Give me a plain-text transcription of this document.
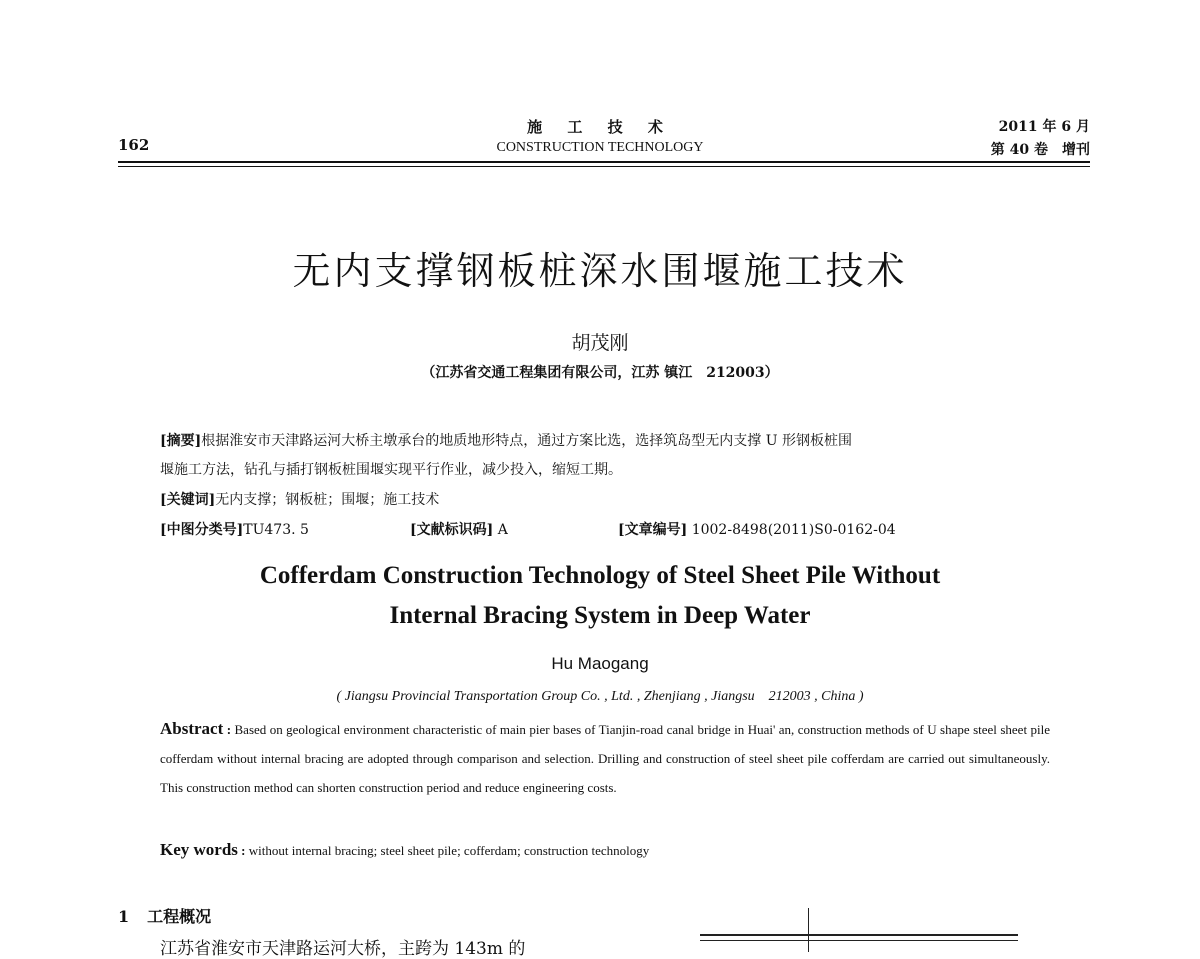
162
施 工 技 术
CONSTRUCTION TECHNOLOGY
2011 年 6 月
第 40 卷　增刊
无内支撑钢板桩深水围堰施工技术
胡茂刚
（江苏省交通工程集团有限公司，江苏 镇江　212003）
[摘要]根据淮安市天津路运河大桥主墩承台的地质地形特点，通过方案比选，选择筑岛型无内支撑 U 形钢板桩围
堰施工方法，钻孔与插打钢板桩围堰实现平行作业，减少投入，缩短工期。
[关键词]无内支撑；钢板桩；围堰；施工技术
[中图分类号]TU473. 5	[文献标识码] A	[文章编号] 1002-8498(2011)S0-0162-04
Cofferdam Construction Technology of Steel Sheet Pile Without
Internal Bracing System in Deep Water
Hu Maogang
( Jiangsu Provincial Transportation Group Co. , Ltd. , Zhenjiang , Jiangsu　212003 , China )
Abstract : Based on geological environment characteristic of main pier bases of Tianjin-road canal bridge in Huai' an, construction methods of U shape steel sheet pile cofferdam without internal bracing are adopted through comparison and selection. Drilling and construction of steel sheet pile cofferdam are carried out simultaneously. This construction method can shorten construction period and reduce engineering costs.
Key words : without internal bracing; steel sheet pile; cofferdam; construction technology
1 工程概况
江苏省淮安市天津路运河大桥，主跨为 143m 的
